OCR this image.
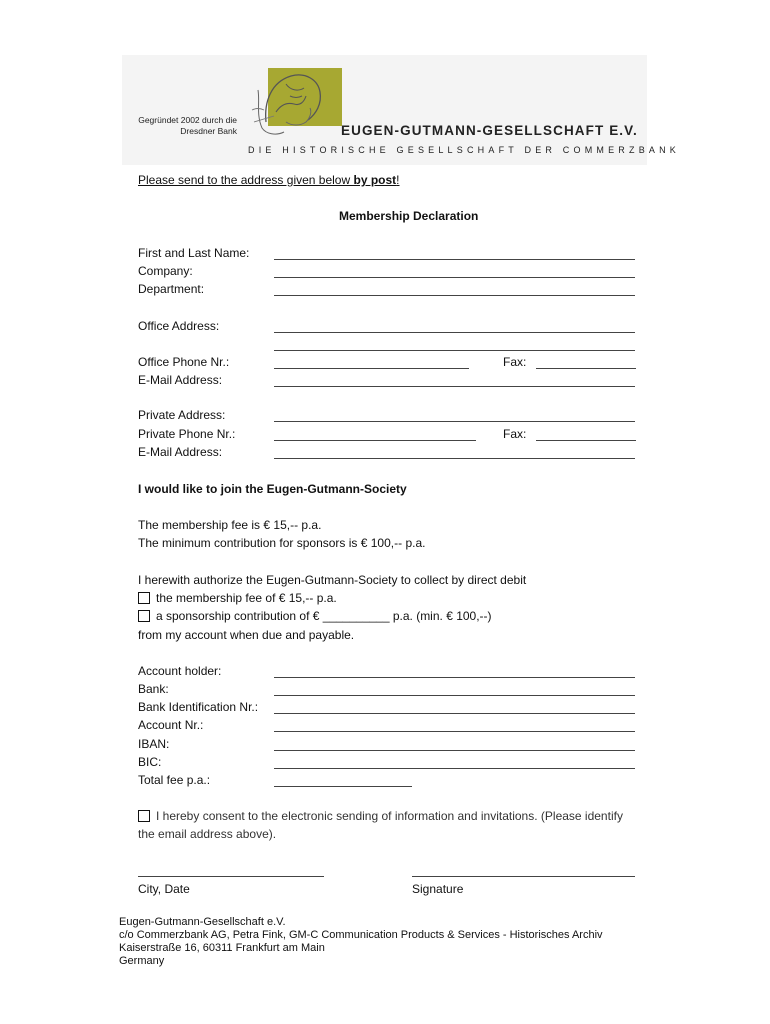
Gegründet 2002 durch die
Dresdner Bank	EUGEN-GUTMANN-GESELLSCHAFT E.V.
DIE HISTORISCHE GESELLSCHAFT DER COMMERZBANK
Please send to the address given below by post!
Membership Declaration
First and Last Name:
Company:
Department:
Office Address:
Office Phone Nr.:	Fax:
E-Mail Address:
Private Address:
Private Phone Nr.:	Fax:
E-Mail Address:
I would like to join the Eugen-Gutmann-Society
The membership fee is € 15,-- p.a.
The minimum contribution for sponsors is € 100,-- p.a.
I herewith authorize the Eugen-Gutmann-Society to collect by direct debit
the membership fee of € 15,-- p.a.
a sponsorship contribution of € __________ p.a. (min. € 100,--)
from my account when due and payable.
Account holder:
Bank:
Bank Identification Nr.:
Account Nr.:
IBAN:
BIC:
Total fee p.a.:
I hereby consent to the electronic sending of information and invitations. (Please identify
the email address above).
City, Date	Signature
Eugen-Gutmann-Gesellschaft e.V.
c/o Commerzbank AG, Petra Fink, GM-C Communication Products & Services - Historisches Archiv
Kaiserstraße 16, 60311 Frankfurt am Main
Germany
